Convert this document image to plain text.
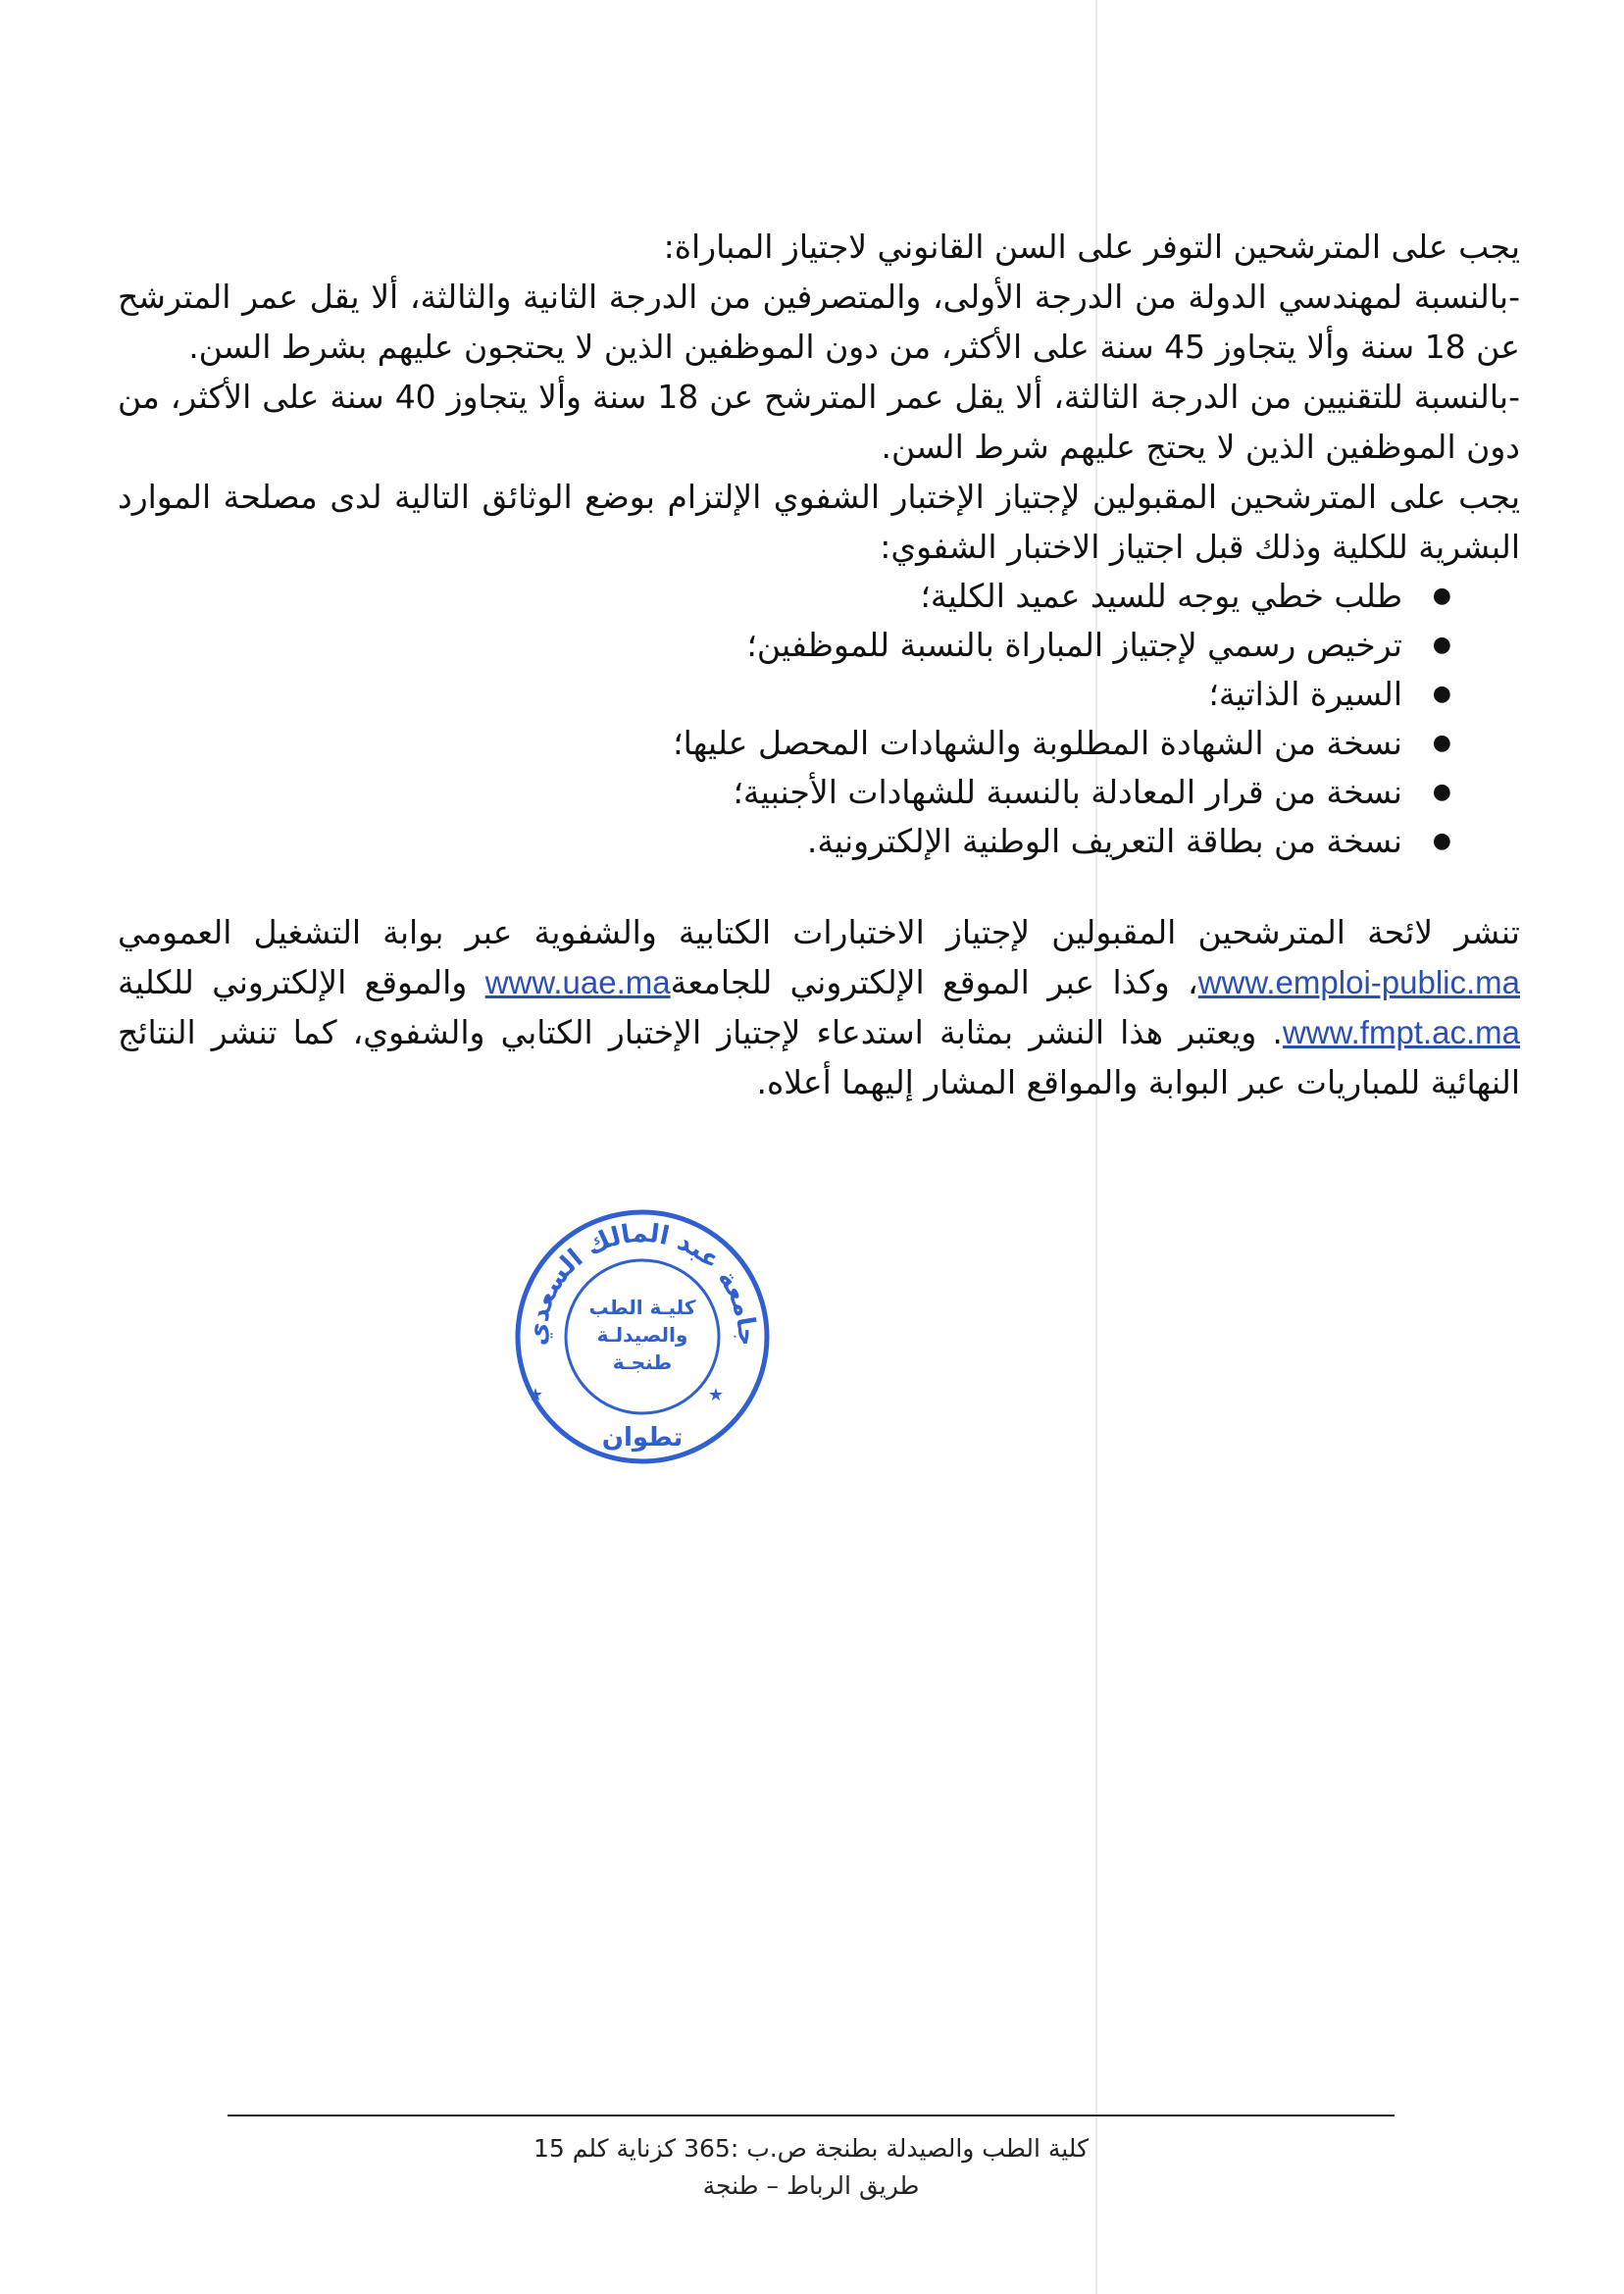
يجب على المترشحين التوفر على السن القانوني لاجتياز المباراة:

-بالنسبة لمهندسي الدولة من الدرجة الأولى، والمتصرفين من الدرجة الثانية والثالثة، ألا يقل عمر المترشح عن 18 سنة وألا يتجاوز 45 سنة على الأكثر، من دون الموظفين الذين لا يحتجون عليهم بشرط السن.

-بالنسبة للتقنيين من الدرجة الثالثة، ألا يقل عمر المترشح عن 18 سنة وألا يتجاوز 40 سنة على الأكثر، من دون الموظفين الذين لا يحتج عليهم شرط السن.

يجب على المترشحين المقبولين لإجتياز الإختبار الشفوي الإلتزام بوضع الوثائق التالية لدى مصلحة الموارد البشرية للكلية وذلك قبل اجتياز الاختبار الشفوي:

● طلب خطي يوجه للسيد عميد الكلية؛
● ترخيص رسمي لإجتياز المباراة بالنسبة للموظفين؛
● السيرة الذاتية؛
● نسخة من الشهادة المطلوبة والشهادات المحصل عليها؛
● نسخة من قرار المعادلة بالنسبة للشهادات الأجنبية؛
● نسخة من بطاقة التعريف الوطنية الإلكترونية.

تنشر لائحة المترشحين المقبولين لإجتياز الاختبارات الكتابية والشفوية عبر بوابة التشغيل العمومي www.emploi-public.ma، وكذا عبر الموقع الإلكتروني للجامعةwww.uae.ma والموقع الإلكتروني للكلية www.fmpt.ac.ma. ويعتبر هذا النشر بمثابة استدعاء لإجتياز الإختبار الكتابي والشفوي، كما تنشر النتائج النهائية للمباريات عبر البوابة والمواقع المشار إليهما أعلاه.

جامعة عبد المالك السعدي
كليـة الطب
والصيدلـة
طنجـة
تطوان
★	★
كلية الطب والصيدلة بطنجة ص.ب :365 كزناية كلم 15
طريق الرباط – طنجة
